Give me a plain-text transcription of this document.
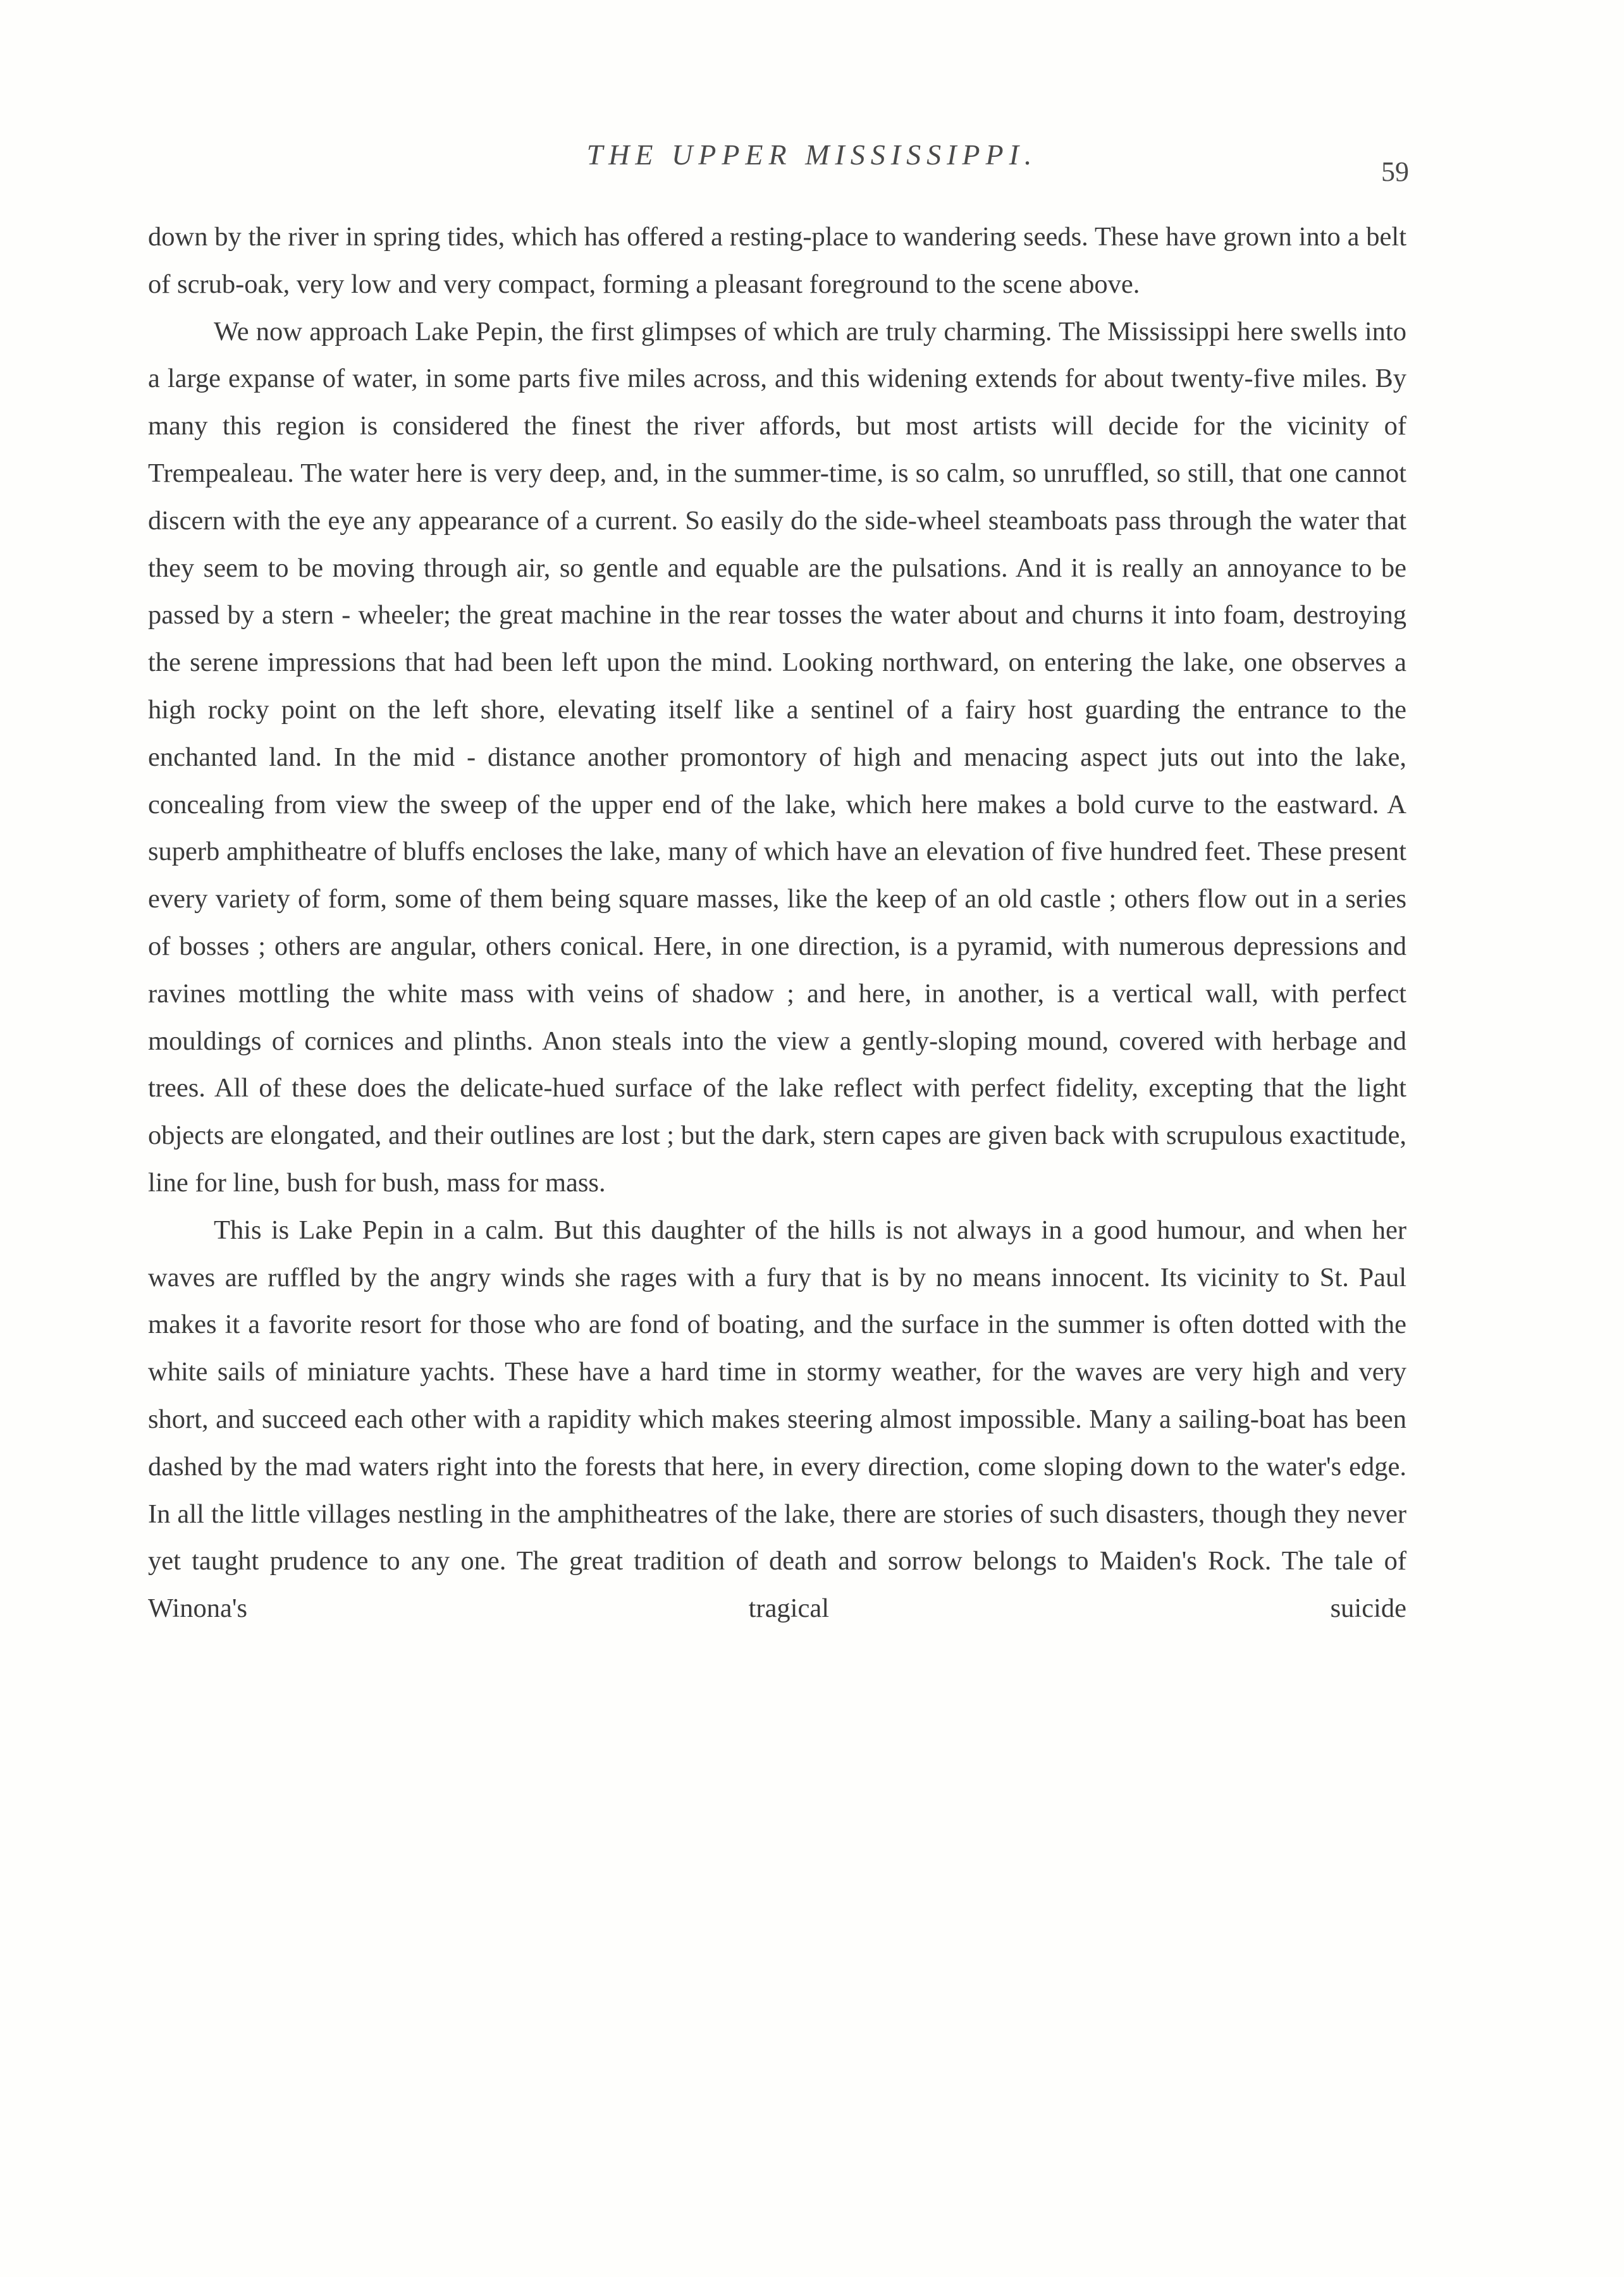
THE UPPER MISSISSIPPI.
59

down by the river in spring tides, which has offered a resting-place to wandering seeds. These have grown into a belt of scrub-oak, very low and very compact, forming a pleasant foreground to the scene above.

We now approach Lake Pepin, the first glimpses of which are truly charming. The Mississippi here swells into a large expanse of water, in some parts five miles across, and this widening extends for about twenty-five miles. By many this region is considered the finest the river affords, but most artists will decide for the vicinity of Trempealeau. The water here is very deep, and, in the summer-time, is so calm, so unruffled, so still, that one cannot discern with the eye any appearance of a current. So easily do the side-wheel steamboats pass through the water that they seem to be moving through air, so gentle and equable are the pulsations. And it is really an annoyance to be passed by a stern - wheeler; the great machine in the rear tosses the water about and churns it into foam, destroying the serene impressions that had been left upon the mind. Looking northward, on entering the lake, one observes a high rocky point on the left shore, elevating itself like a sentinel of a fairy host guarding the entrance to the enchanted land. In the mid - distance another promontory of high and menacing aspect juts out into the lake, concealing from view the sweep of the upper end of the lake, which here makes a bold curve to the eastward. A superb amphitheatre of bluffs encloses the lake, many of which have an elevation of five hundred feet. These present every variety of form, some of them being square masses, like the keep of an old castle ; others flow out in a series of bosses ; others are angular, others conical. Here, in one direction, is a pyramid, with numerous depressions and ravines mottling the white mass with veins of shadow ; and here, in another, is a vertical wall, with perfect mouldings of cornices and plinths. Anon steals into the view a gently-sloping mound, covered with herbage and trees. All of these does the delicate-hued surface of the lake reflect with perfect fidelity, excepting that the light objects are elongated, and their outlines are lost ; but the dark, stern capes are given back with scrupulous exactitude, line for line, bush for bush, mass for mass.

This is Lake Pepin in a calm. But this daughter of the hills is not always in a good humour, and when her waves are ruffled by the angry winds she rages with a fury that is by no means innocent. Its vicinity to St. Paul makes it a favorite resort for those who are fond of boating, and the surface in the summer is often dotted with the white sails of miniature yachts. These have a hard time in stormy weather, for the waves are very high and very short, and succeed each other with a rapidity which makes steering almost impossible. Many a sailing-boat has been dashed by the mad waters right into the forests that here, in every direction, come sloping down to the water's edge. In all the little villages nestling in the amphitheatres of the lake, there are stories of such disasters, though they never yet taught prudence to any one. The great tradition of death and sorrow belongs to Maiden's Rock. The tale of Winona's tragical suicide
